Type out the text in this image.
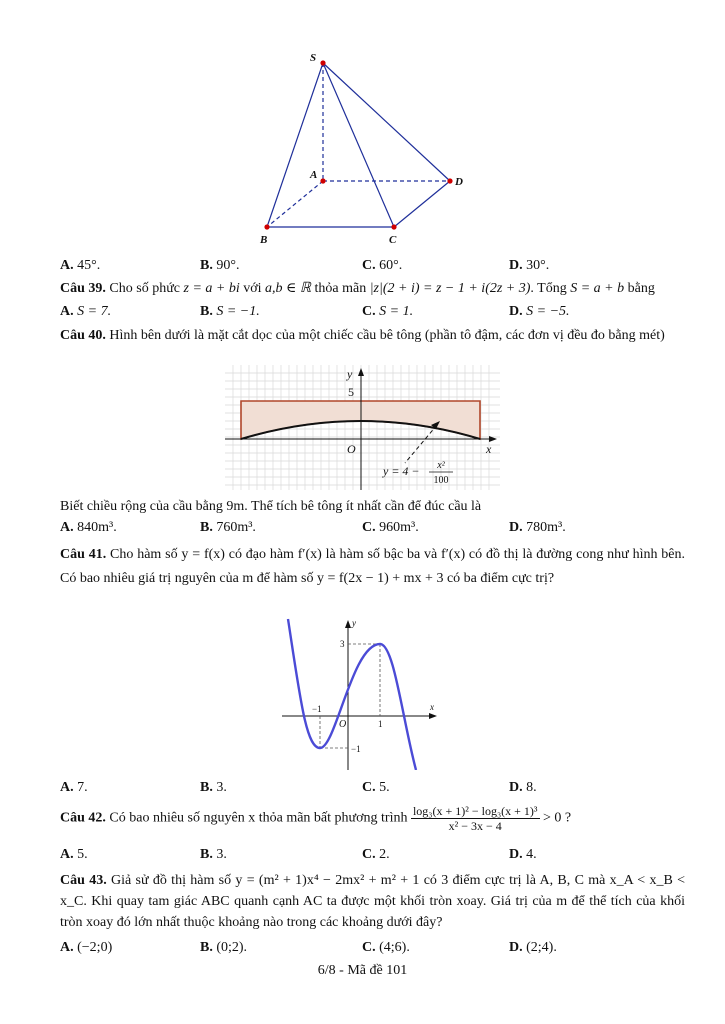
S
A
B	C
D
A. 45°.	B. 90°.	C. 60°.	D. 30°.
Câu 39. Cho số phức z = a + bi với a,b ∈ ℝ thỏa mãn |z|(2 + i) = z − 1 + i(2z + 3). Tổng S = a + b bằng
A. S = 7.	B. S = −1.	C. S = 1.	D. S = −5.
Câu 40. Hình bên dưới là mặt cắt dọc của một chiếc cầu bê tông (phần tô đậm, các đơn vị đều đo bằng mét)
y
x
O
5
y = 4 − x²
100
Biết chiều rộng của cầu bằng 9m. Thể tích bê tông ít nhất cần để đúc cầu là
A. 840m³.	B. 760m³.	C. 960m³.	D. 780m³.
Câu 41. Cho hàm số y = f(x) có đạo hàm f′(x) là hàm số bậc ba và f′(x) có đồ thị là đường cong như hình bên. Có bao nhiêu giá trị nguyên của m để hàm số y = f(2x − 1) + mx + 3 có ba điểm cực trị?
y
x
O
3
−1
1
−1
A. 7.	B. 3.	C. 5.	D. 8.
Câu 42. Có bao nhiêu số nguyên x thỏa mãn bất phương trình $\frac{\text{log₃(x + 1)² − log₃(x + 1)³}}{\text{x² − 3x − 4}} > 0$ ?
A. 5.	B. 3.	C. 2.	D. 4.
Câu 43. Giả sử đồ thị hàm số y = (m² + 1)x⁴ − 2mx² + m² + 1 có 3 điểm cực trị là A, B, C mà x_A < x_B < x_C. Khi quay tam giác ABC quanh cạnh AC ta được một khối tròn xoay. Giá trị của m để thể tích của khối tròn xoay đó lớn nhất thuộc khoảng nào trong các khoảng dưới đây?
A. (−2;0)	B. (0;2).	C. (4;6).	D. (2;4).
6/8 - Mã đề 101
